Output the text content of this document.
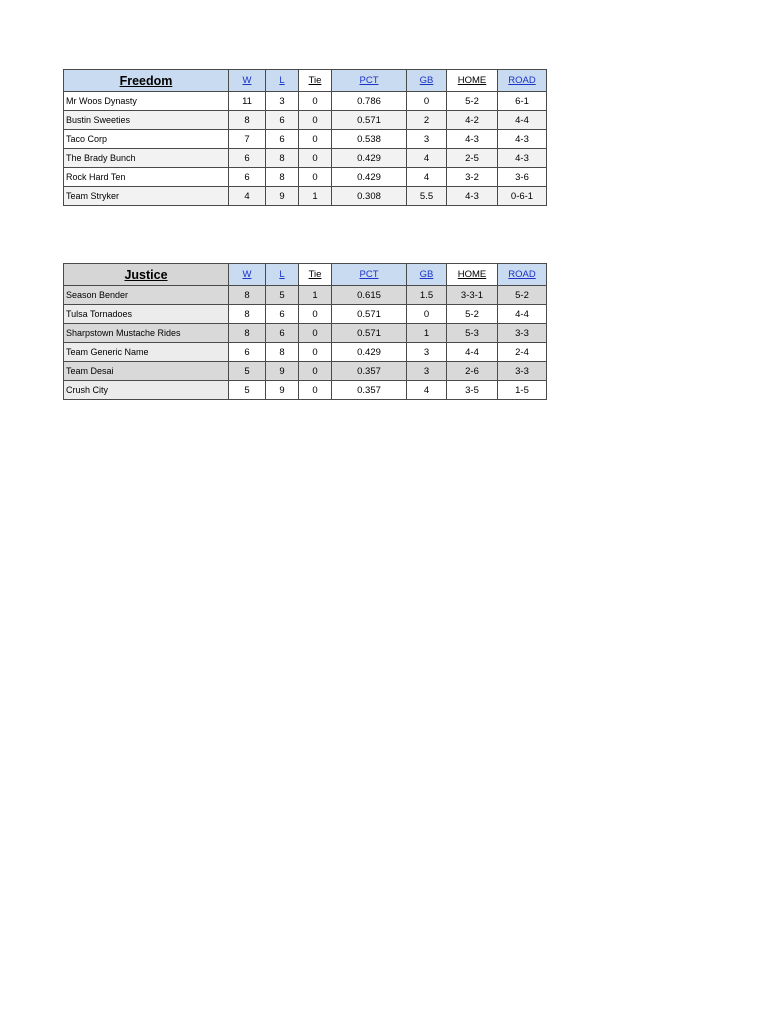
Freedom	W	L	Tie	PCT	GB	HOME	ROAD
Mr Woos Dynasty	11	3	0	0.786	0	5-2	6-1
Bustin Sweeties	8	6	0	0.571	2	4-2	4-4
Taco Corp	7	6	0	0.538	3	4-3	4-3
The Brady Bunch	6	8	0	0.429	4	2-5	4-3
Rock Hard Ten	6	8	0	0.429	4	3-2	3-6
Team Stryker	4	9	1	0.308	5.5	4-3	0-6-1
Justice	W	L	Tie	PCT	GB	HOME	ROAD
Season Bender	8	5	1	0.615	1.5	3-3-1	5-2
Tulsa Tornadoes	8	6	0	0.571	0	5-2	4-4
Sharpstown Mustache Rides	8	6	0	0.571	1	5-3	3-3
Team Generic Name	6	8	0	0.429	3	4-4	2-4
Team Desai	5	9	0	0.357	3	2-6	3-3
Crush City	5	9	0	0.357	4	3-5	1-5
